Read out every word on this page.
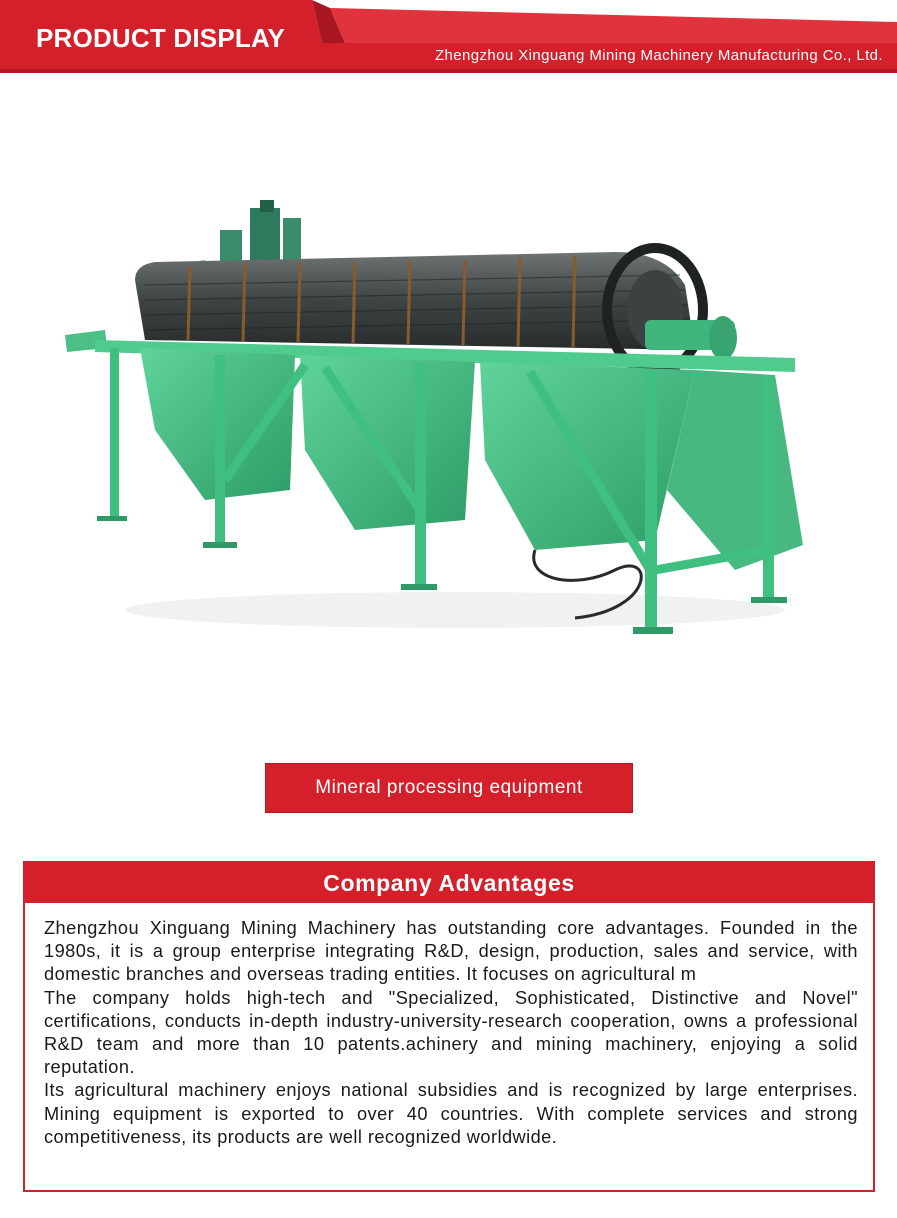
PRODUCT DISPLAY
Zhengzhou Xinguang Mining Machinery Manufacturing Co., Ltd.
Mineral processing equipment
Company Advantages

Zhengzhou Xinguang Mining Machinery has outstanding core advantages. Founded in the 1980s, it is a group enterprise integrating R&D, design, production, sales and service, with domestic branches and overseas trading entities. It focuses on agricultural m

The company holds high-tech and "Specialized, Sophisticated, Distinctive and Novel" certifications, conducts in-depth industry-university-research cooperation, owns a professional R&D team and more than 10 patents.achinery and mining machinery, enjoying a solid reputation.

Its agricultural machinery enjoys national subsidies and is recognized by large enterprises. Mining equipment is exported to over 40 countries. With complete services and strong competitiveness, its products are well recognized worldwide.
